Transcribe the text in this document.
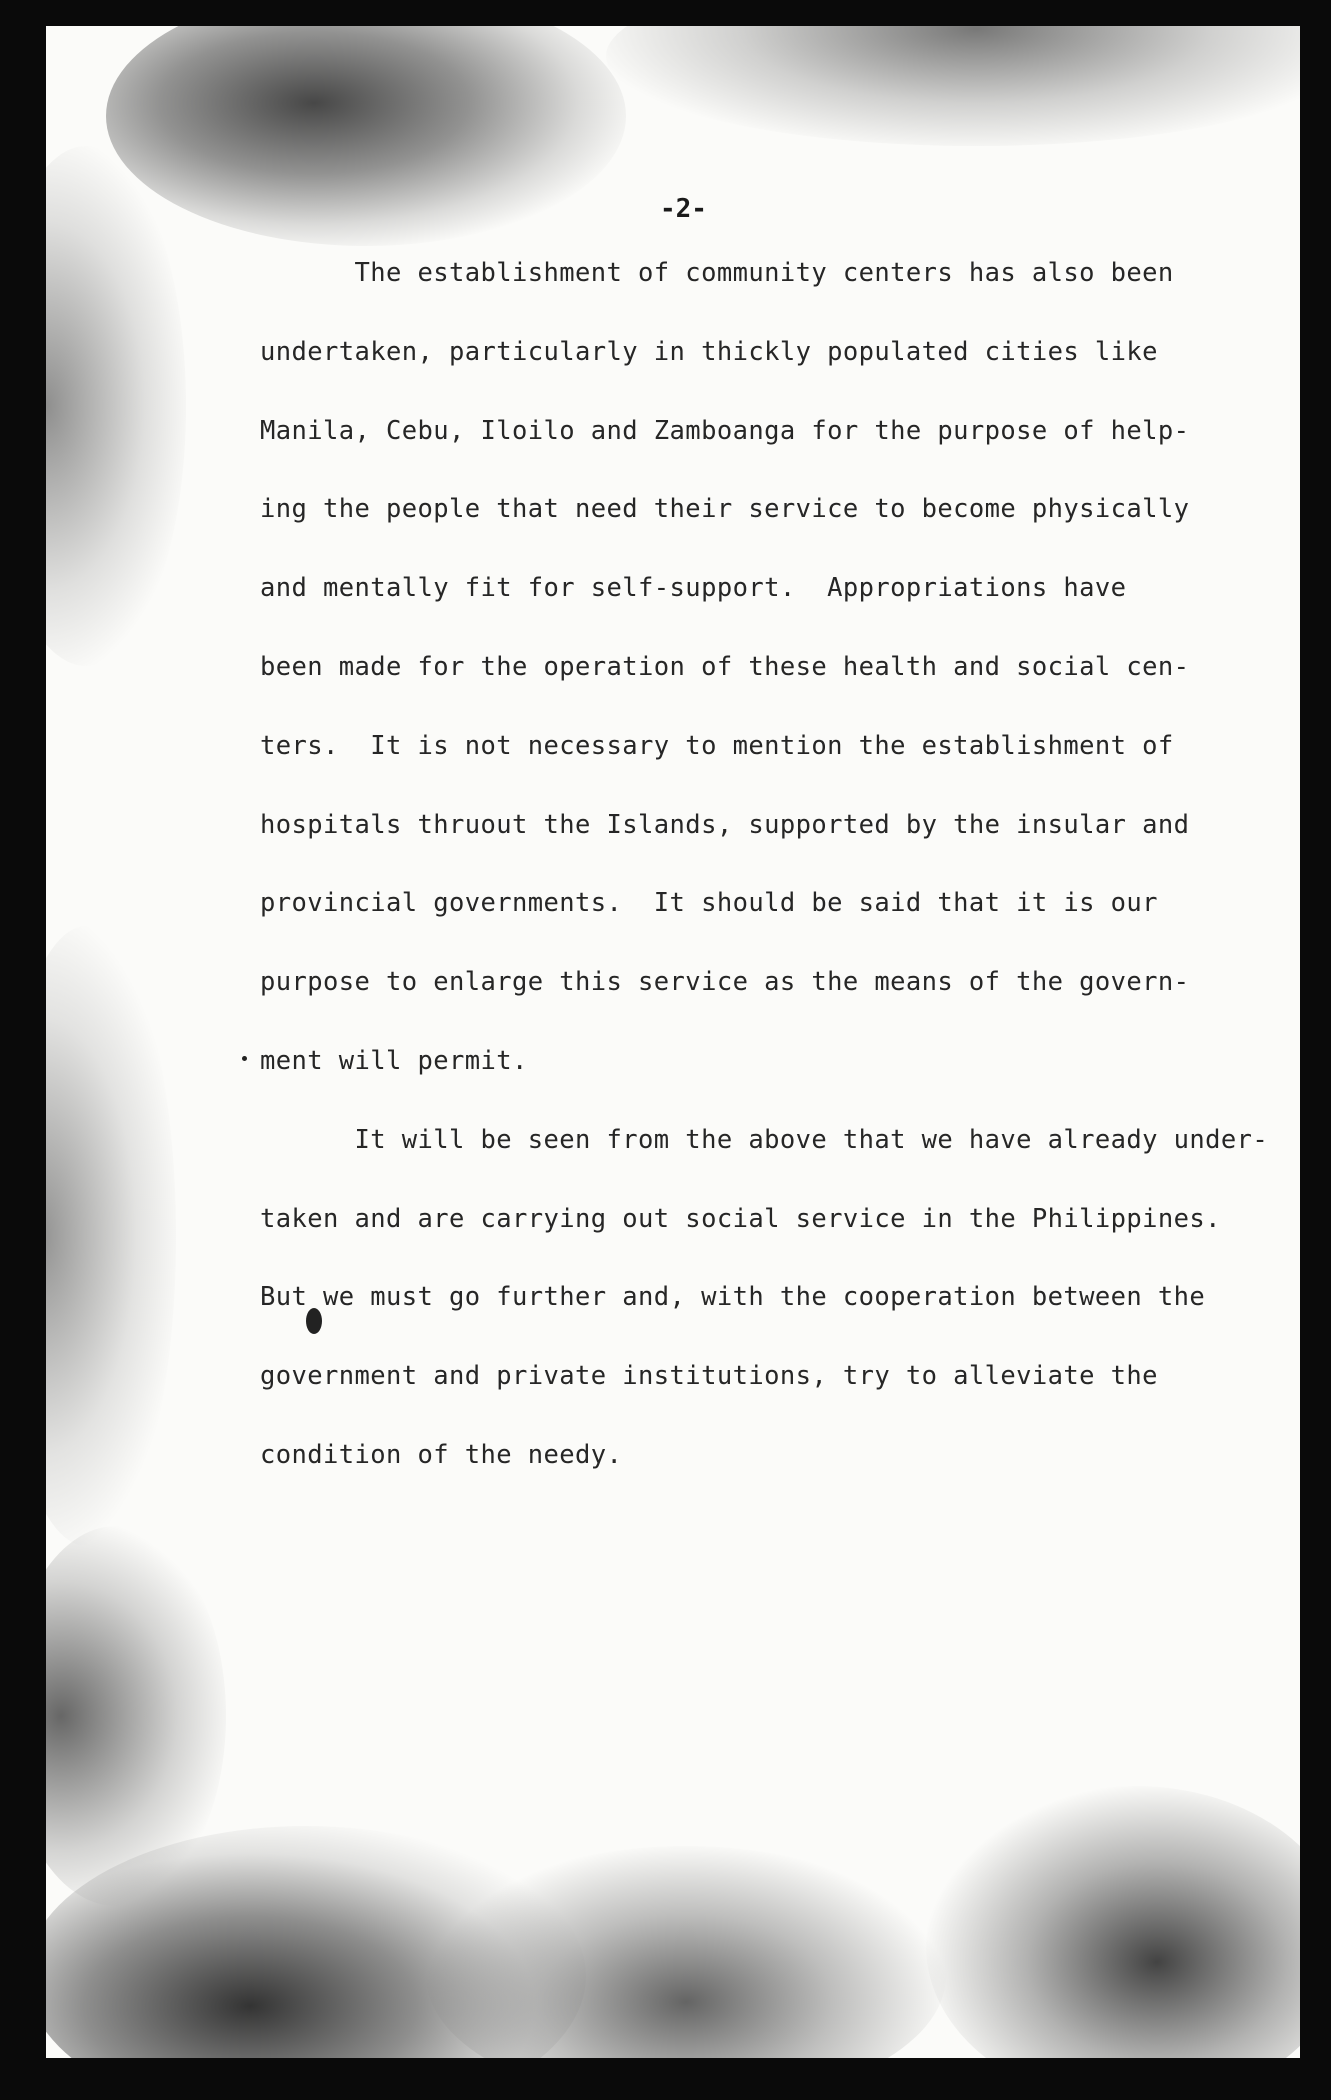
-2-
The establishment of community centers has also been
undertaken, particularly in thickly populated cities like
Manila, Cebu, Iloilo and Zamboanga for the purpose of help-
ing the people that need their service to become physically
and mentally fit for self-support.  Appropriations have
been made for the operation of these health and social cen-
ters.  It is not necessary to mention the establishment of
hospitals thruout the Islands, supported by the insular and
provincial governments.  It should be said that it is our
purpose to enlarge this service as the means of the govern-
ment will permit.
It will be seen from the above that we have already under-
taken and are carrying out social service in the Philippines.
But we must go further and, with the cooperation between the
government and private institutions, try to alleviate the
condition of the needy.
